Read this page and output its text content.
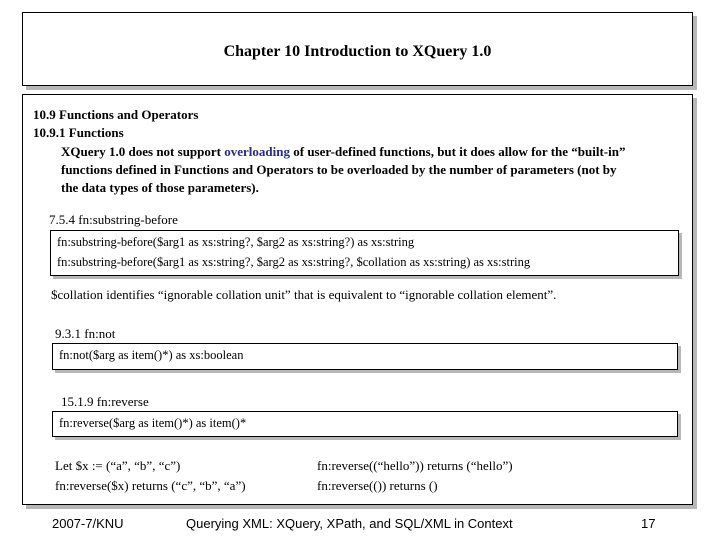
Chapter 10 Introduction to XQuery 1.0
10.9 Functions and Operators
10.9.1 Functions
XQuery 1.0 does not support overloading of user-defined functions, but it does allow for the “built-in”
functions defined in Functions and Operators to be overloaded by the number of parameters (not by
the data types of those parameters).
7.5.4 fn:substring-before
fn:substring-before($arg1 as xs:string?, $arg2 as xs:string?) as xs:string
fn:substring-before($arg1 as xs:string?, $arg2 as xs:string?, $collation as xs:string) as xs:string
$collation identifies “ignorable collation unit” that is equivalent to “ignorable collation element”.
9.3.1 fn:not
fn:not($arg as item()*) as xs:boolean
15.1.9 fn:reverse
fn:reverse($arg as item()*) as item()*
Let $x := (“a”, “b”, “c”)
fn:reverse($x) returns (“c”, “b”, “a”)
fn:reverse((“hello”)) returns (“hello”)
fn:reverse(()) returns ()
2007-7/KNU	Querying XML: XQuery, XPath, and SQL/XML in Context	17
